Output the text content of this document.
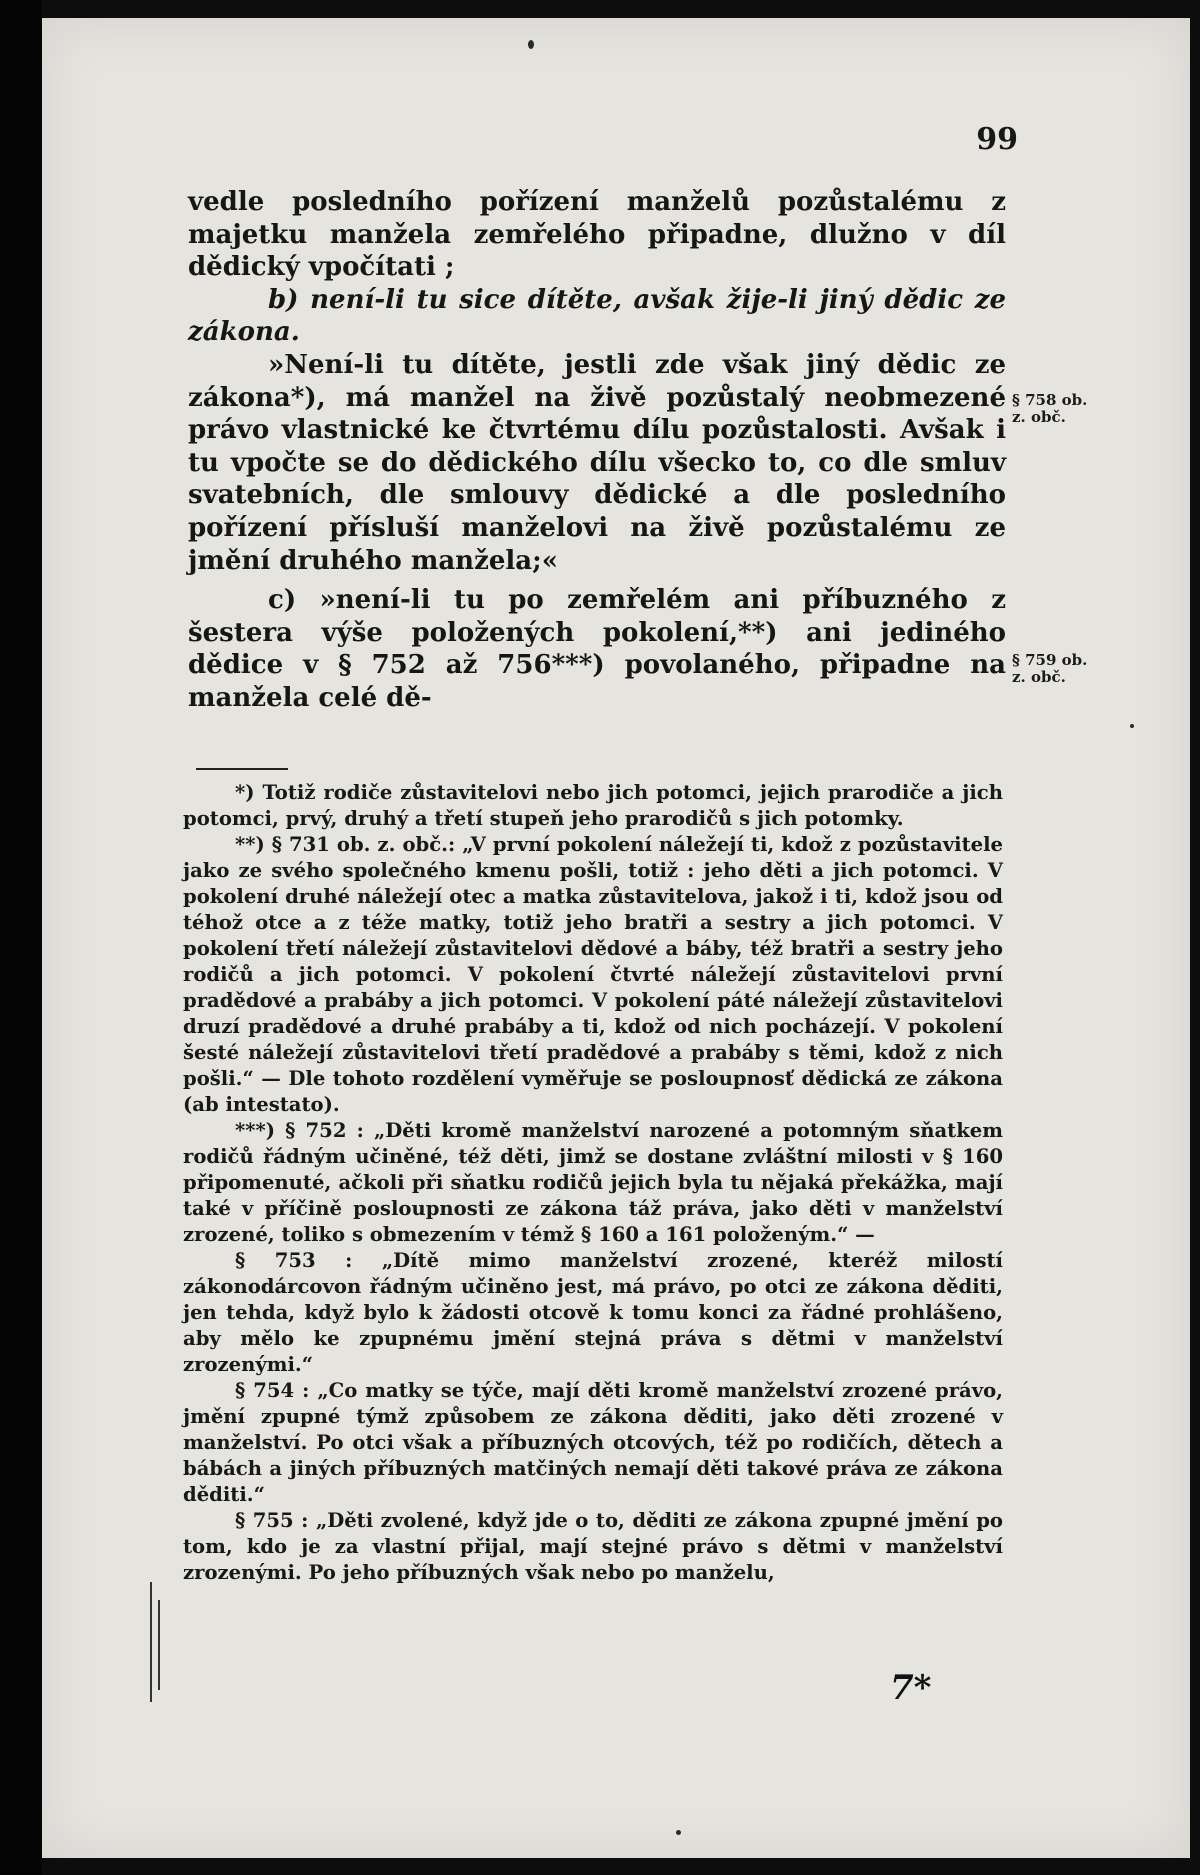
99

vedle posledního pořízení manželů pozůstalému z majetku manžela zemřelého připadne, dlužno v díl dědický vpočítati ;

b) není-li tu sice dítěte, avšak žije-li jiný dědic ze zákona.

»Není-li tu dítěte, jestli zde však jiný dědic ze zákona*), má manžel na živě pozůstalý neobmezené právo vlastnické ke čtvrtému dílu pozůstalosti. Avšak i tu vpočte se do dědického dílu všecko to, co dle smluv svatebních, dle smlouvy dědické a dle posledního pořízení přísluší manželovi na živě pozůstalému ze jmění druhého manžela;«

c) »není-li tu po zemřelém ani příbuzného z šestera výše položených pokolení,**) ani jediného dědice v § 752 až 756***) povolaného, připadne na manžela celé dě-

§ 758 ob. z. obč.
§ 759 ob. z. obč.

*) Totiž rodiče zůstavitelovi nebo jich potomci, jejich prarodiče a jich potomci, prvý, druhý a třetí stupeň jeho prarodičů s jich potomky.

**) § 731 ob. z. obč.: „V první pokolení náležejí ti, kdož z pozůstavitele jako ze svého společného kmenu pošli, totiž : jeho děti a jich potomci. V pokolení druhé náležejí otec a matka zůstavitelova, jakož i ti, kdož jsou od téhož otce a z téže matky, totiž jeho bratři a sestry a jich potomci. V pokolení třetí náležejí zůstavitelovi dědové a báby, též bratři a sestry jeho rodičů a jich potomci. V pokolení čtvrté náležejí zůstavitelovi první pradědové a prabáby a jich potomci. V pokolení páté náležejí zůstavitelovi druzí pradědové a druhé prabáby a ti, kdož od nich pocházejí. V pokolení šesté náležejí zůstavitelovi třetí pradědové a prabáby s těmi, kdož z nich pošli.“ — Dle tohoto rozdělení vyměřuje se posloupnosť dědická ze zákona (ab intestato).

***) § 752 : „Děti kromě manželství narozené a potomným sňatkem rodičů řádným učiněné, též děti, jimž se dostane zvláštní milosti v § 160 připomenuté, ačkoli při sňatku rodičů jejich byla tu nějaká překážka, mají také v příčině posloupnosti ze zákona táž práva, jako děti v manželství zrozené, toliko s obmezením v témž § 160 a 161 položeným.“ —

§ 753 : „Dítě mimo manželství zrozené, kteréž milostí zákonodárcovon řádným učiněno jest, má právo, po otci ze zákona děditi, jen tehda, když bylo k žádosti otcově k tomu konci za řádné prohlášeno, aby mělo ke zpupnému jmění stejná práva s dětmi v manželství zrozenými.“

§ 754 : „Co matky se týče, mají děti kromě manželství zrozené právo, jmění zpupné týmž způsobem ze zákona děditi, jako děti zrozené v manželství. Po otci však a příbuzných otcových, též po rodičích, dětech a bábách a jiných příbuzných matčiných nemají děti takové práva ze zákona děditi.“

§ 755 : „Děti zvolené, když jde o to, děditi ze zákona zpupné jmění po tom, kdo je za vlastní přijal, mají stejné právo s dětmi v manželství zrozenými. Po jeho příbuzných však nebo po manželu,

7*
